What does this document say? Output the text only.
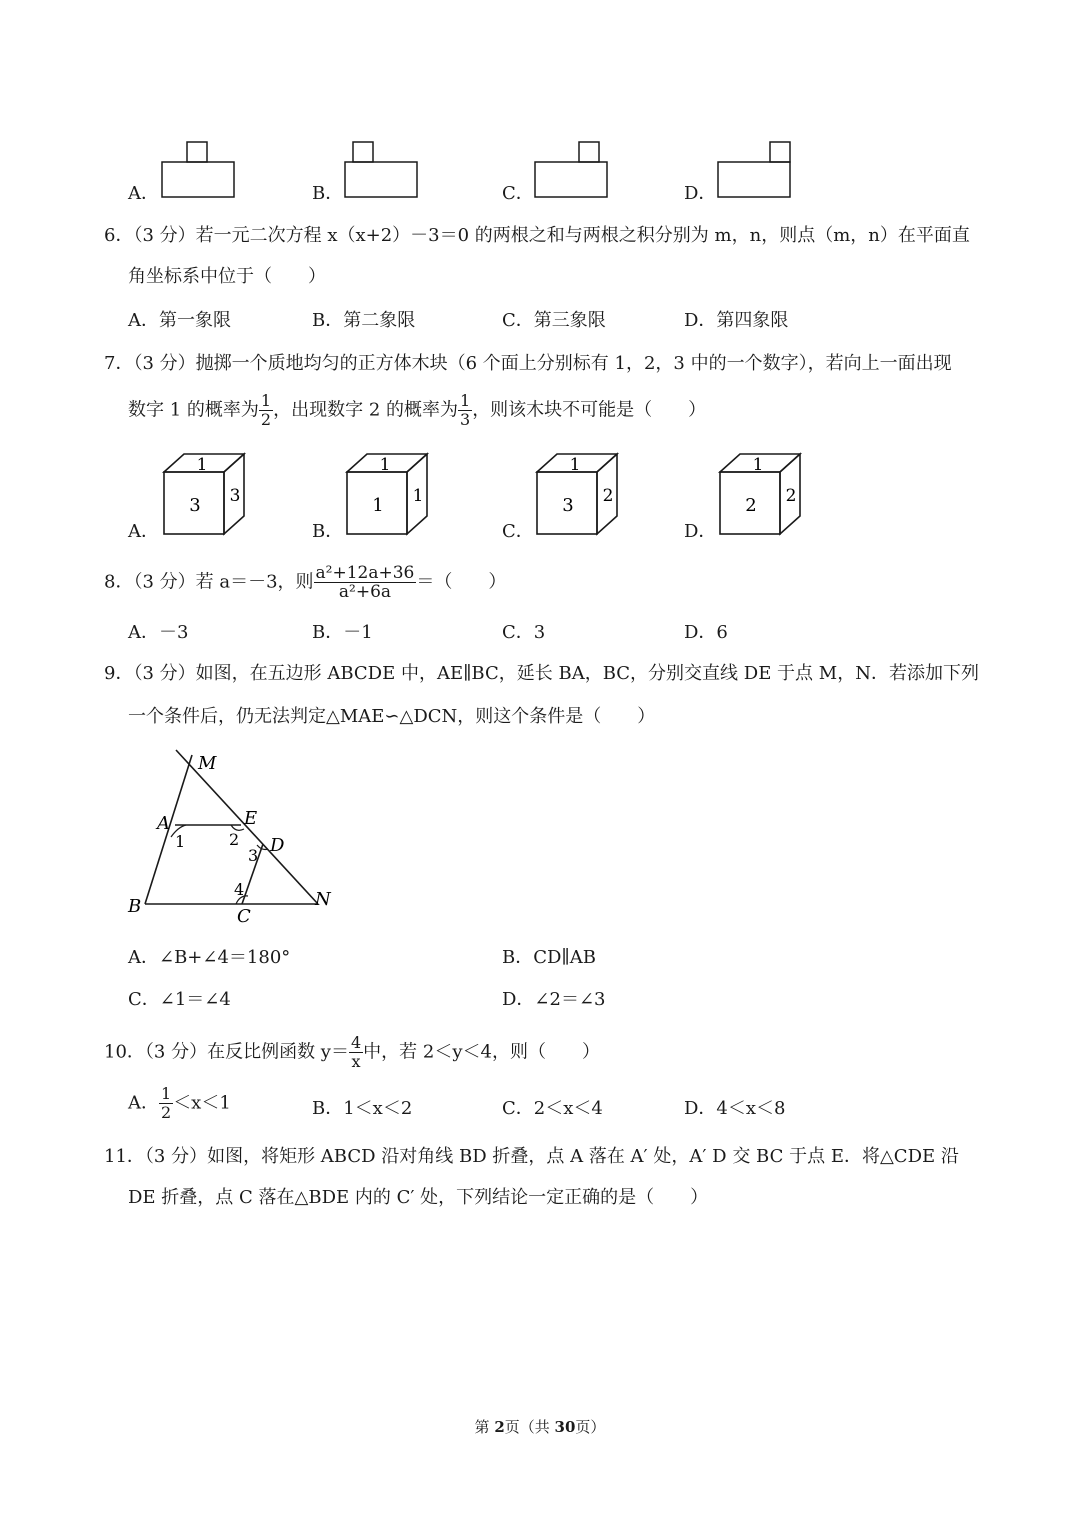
A．	B．	C．	D．
6．（3 分）若一元二次方程 x（x+2）－3＝0 的两根之和与两根之积分别为 m，n，则点（m，n）在平面直
角坐标系中位于（　　）
A．第一象限	B．第二象限	C．第三象限	D．第四象限
7．（3 分）抛掷一个质地均匀的正方体木块（6 个面上分别标有 1，2，3 中的一个数字），若向上一面出现
数字 1 的概率为 $\frac{1}{2}$ ，出现数字 2 的概率为 $\frac{1}{3}$ ，则该木块不可能是（　　）
A．	B．	C．	D．
1
3 3
1
1 1
1
3 2
1
2 2
8．（3 分）若 a＝－3，则 $\frac{\text{a²+12a+36}}{\text{a²+6a}}$ ＝（　　）
A．－3	B．－1	C．3	D．6
9．（3 分）如图，在五边形 ABCDE 中，AE∥BC，延长 BA，BC，分别交直线 DE 于点 M，N．若添加下列
一个条件后，仍无法判定△MAE∽△DCN，则这个条件是（　　）
M
A	E
D
B	C
N
1	2
3
4
A．∠B+∠4＝180°	B．CD∥AB
C．∠1＝∠4	D．∠2＝∠3
10．（3 分）在反比例函数 $y= \frac{4}{x}$ 中，若 2＜y＜4，则（　　）
A． $\frac{1}{2} <x<1$	B．1＜x＜2	C．2＜x＜4	D．4＜x＜8
11．（3 分）如图，将矩形 ABCD 沿对角线 BD 折叠，点 A 落在 A′ 处，A′ D 交 BC 于点 E．将△CDE 沿
DE 折叠，点 C 落在△BDE 内的 C′ 处，下列结论一定正确的是（　　）
第 2页（共 30页）
